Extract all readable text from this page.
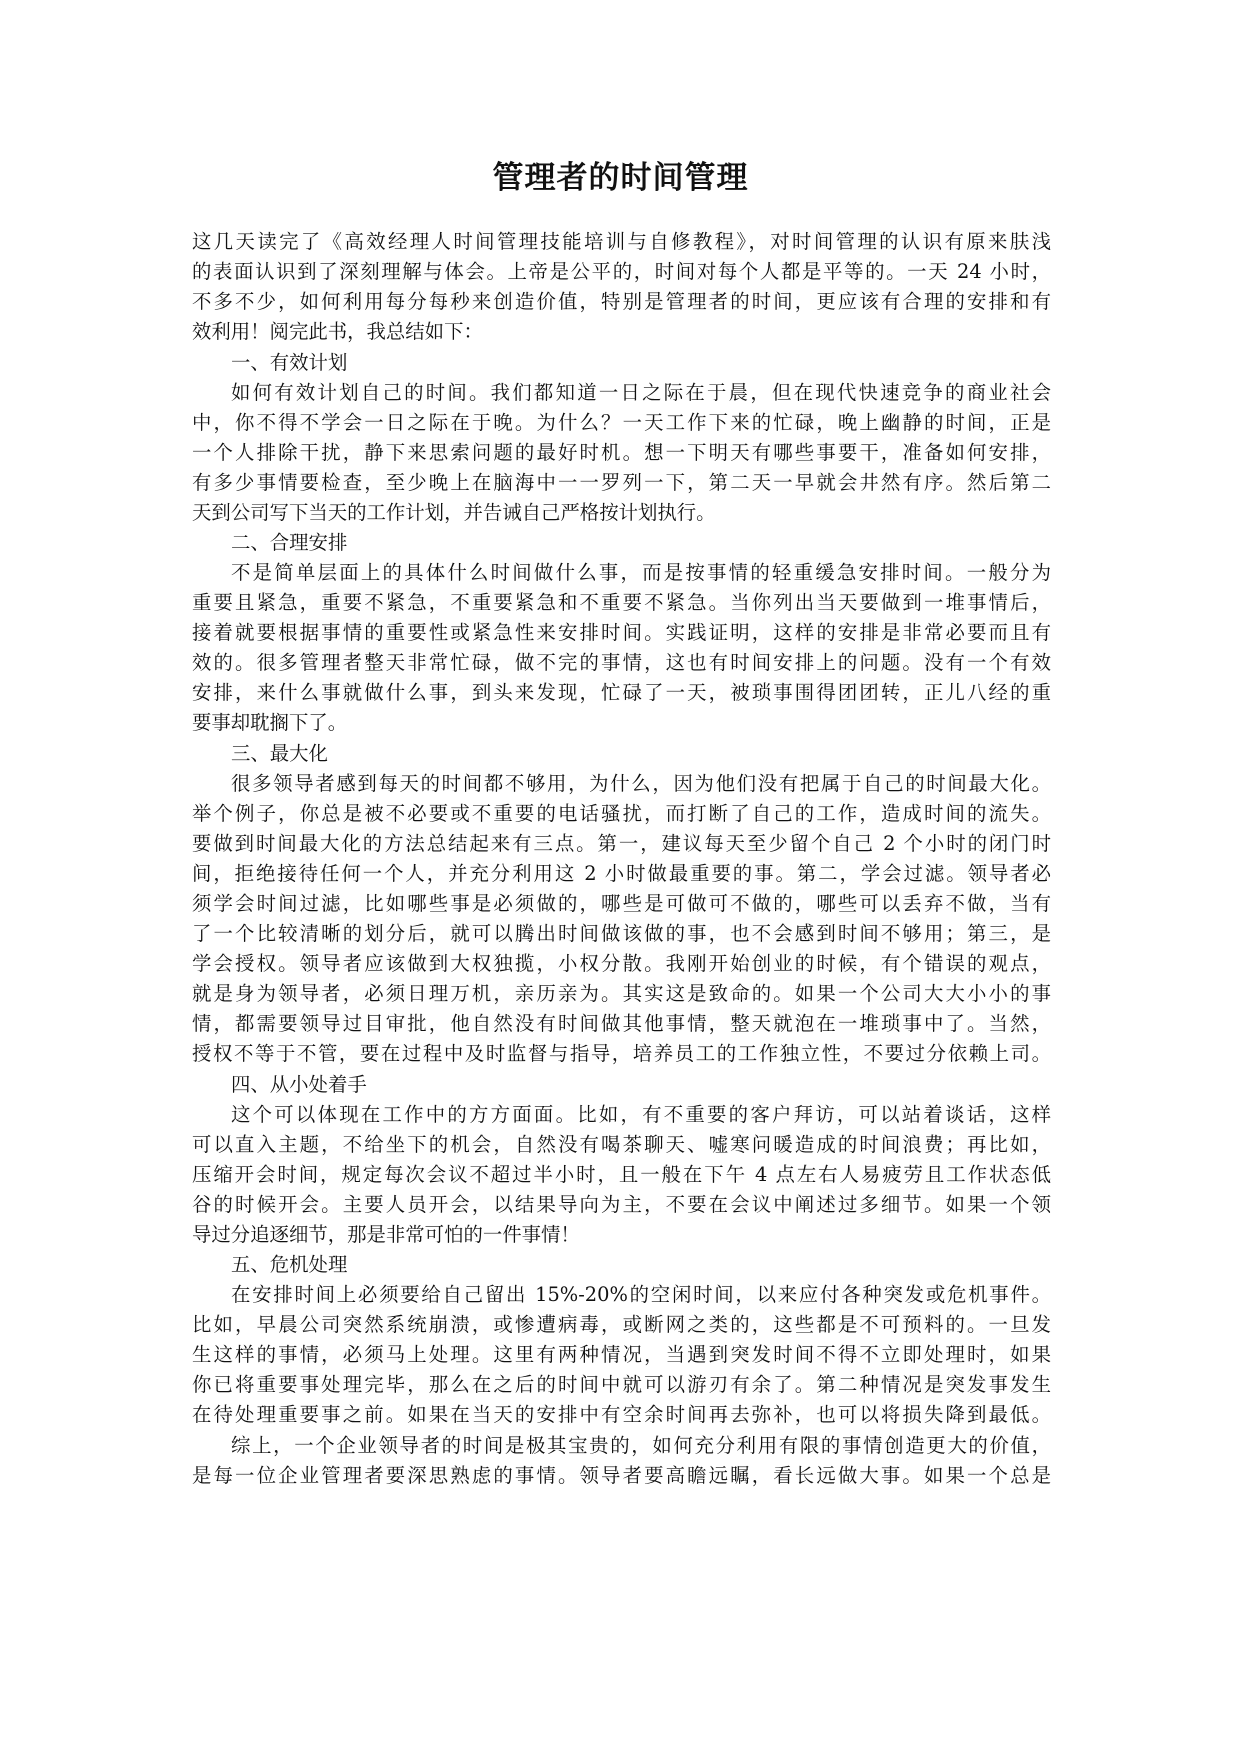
管理者的时间管理
这几天读完了《高效经理人时间管理技能培训与自修教程》，对时间管理的认识有原来肤浅
的表面认识到了深刻理解与体会。上帝是公平的，时间对每个人都是平等的。一天 24 小时，
不多不少，如何利用每分每秒来创造价值，特别是管理者的时间，更应该有合理的安排和有
效利用！阅完此书，我总结如下：
一、有效计划
如何有效计划自己的时间。我们都知道一日之际在于晨，但在现代快速竞争的商业社会
中，你不得不学会一日之际在于晚。为什么？一天工作下来的忙碌，晚上幽静的时间，正是
一个人排除干扰，静下来思索问题的最好时机。想一下明天有哪些事要干，准备如何安排，
有多少事情要检查，至少晚上在脑海中一一罗列一下，第二天一早就会井然有序。然后第二
天到公司写下当天的工作计划，并告诫自己严格按计划执行。
二、合理安排
不是简单层面上的具体什么时间做什么事，而是按事情的轻重缓急安排时间。一般分为
重要且紧急，重要不紧急，不重要紧急和不重要不紧急。当你列出当天要做到一堆事情后，
接着就要根据事情的重要性或紧急性来安排时间。实践证明，这样的安排是非常必要而且有
效的。很多管理者整天非常忙碌，做不完的事情，这也有时间安排上的问题。没有一个有效
安排，来什么事就做什么事，到头来发现，忙碌了一天，被琐事围得团团转，正儿八经的重
要事却耽搁下了。
三、最大化
很多领导者感到每天的时间都不够用，为什么，因为他们没有把属于自己的时间最大化。
举个例子，你总是被不必要或不重要的电话骚扰，而打断了自己的工作，造成时间的流失。
要做到时间最大化的方法总结起来有三点。第一，建议每天至少留个自己 2 个小时的闭门时
间，拒绝接待任何一个人，并充分利用这 2 小时做最重要的事。第二，学会过滤。领导者必
须学会时间过滤，比如哪些事是必须做的，哪些是可做可不做的，哪些可以丢弃不做，当有
了一个比较清晰的划分后，就可以腾出时间做该做的事，也不会感到时间不够用；第三，是
学会授权。领导者应该做到大权独揽，小权分散。我刚开始创业的时候，有个错误的观点，
就是身为领导者，必须日理万机，亲历亲为。其实这是致命的。如果一个公司大大小小的事
情，都需要领导过目审批，他自然没有时间做其他事情，整天就泡在一堆琐事中了。当然，
授权不等于不管，要在过程中及时监督与指导，培养员工的工作独立性，不要过分依赖上司。
四、从小处着手
这个可以体现在工作中的方方面面。比如，有不重要的客户拜访，可以站着谈话，这样
可以直入主题，不给坐下的机会，自然没有喝茶聊天、嘘寒问暖造成的时间浪费；再比如，
压缩开会时间，规定每次会议不超过半小时，且一般在下午 4 点左右人易疲劳且工作状态低
谷的时候开会。主要人员开会，以结果导向为主，不要在会议中阐述过多细节。如果一个领
导过分追逐细节，那是非常可怕的一件事情！
五、危机处理
在安排时间上必须要给自己留出 15%-20%的空闲时间，以来应付各种突发或危机事件。
比如，早晨公司突然系统崩溃，或惨遭病毒，或断网之类的，这些都是不可预料的。一旦发
生这样的事情，必须马上处理。这里有两种情况，当遇到突发时间不得不立即处理时，如果
你已将重要事处理完毕，那么在之后的时间中就可以游刃有余了。第二种情况是突发事发生
在待处理重要事之前。如果在当天的安排中有空余时间再去弥补，也可以将损失降到最低。
综上，一个企业领导者的时间是极其宝贵的，如何充分利用有限的事情创造更大的价值，
是每一位企业管理者要深思熟虑的事情。领导者要高瞻远瞩，看长远做大事。如果一个总是
